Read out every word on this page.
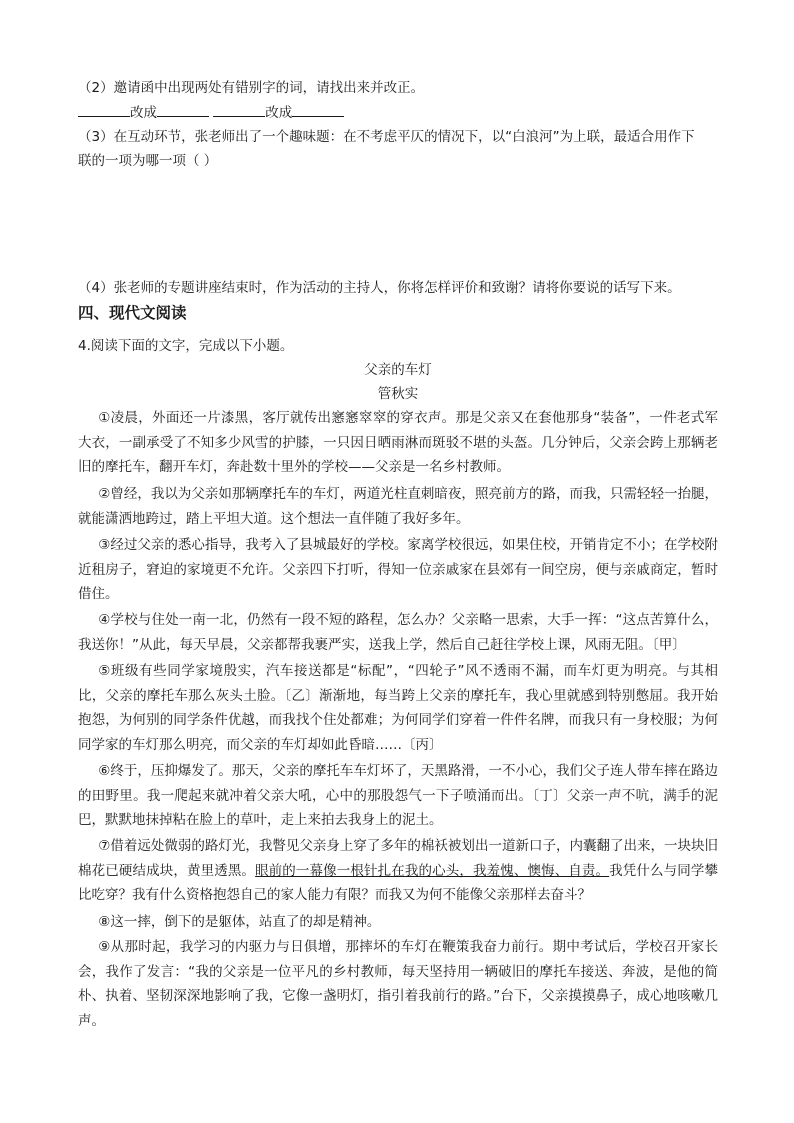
（2）邀请函中出现两处有错别字的词，请找出来并改正。
改成	改成
（3）在互动环节，张老师出了一个趣味题：在不考虑平仄的情况下，以“白浪河”为上联，最适合用作下
联的一项为哪一项（ ）
（4）张老师的专题讲座结束时，作为活动的主持人，你将怎样评价和致谢？请将你要说的话写下来。
四、现代文阅读
4.阅读下面的文字，完成以下小题。
父亲的车灯
管秋实
①凌晨，外面还一片漆黑，客厅就传出窸窸窣窣的穿衣声。那是父亲又在套他那身“装备”，一件老式军大衣，一副承受了不知多少风雪的护膝，一只因日晒雨淋而斑驳不堪的头盔。几分钟后，父亲会跨上那辆老旧的摩托车，翻开车灯，奔赴数十里外的学校——父亲是一名乡村教师。
②曾经，我以为父亲如那辆摩托车的车灯，两道光柱直刺暗夜，照亮前方的路，而我，只需轻轻一抬腿，就能潇洒地跨过，踏上平坦大道。这个想法一直伴随了我好多年。
③经过父亲的悉心指导，我考入了县城最好的学校。家离学校很远，如果住校，开销肯定不小；在学校附近租房子，窘迫的家境更不允许。父亲四下打听，得知一位亲戚家在县郊有一间空房，便与亲戚商定，暂时借住。
④学校与住处一南一北，仍然有一段不短的路程，怎么办？父亲略一思索，大手一挥：“这点苦算什么，我送你！”从此，每天早晨，父亲都帮我裹严实，送我上学，然后自己赶往学校上课，风雨无阻。〔甲〕
⑤班级有些同学家境殷实，汽车接送都是“标配”，“四轮子”风不透雨不漏，而车灯更为明亮。与其相比，父亲的摩托车那么灰头土脸。〔乙〕渐渐地，每当跨上父亲的摩托车，我心里就感到特别憋屈。我开始抱怨，为何别的同学条件优越，而我找个住处都难；为何同学们穿着一件件名牌，而我只有一身校服；为何同学家的车灯那么明亮，而父亲的车灯却如此昏暗……〔丙〕
⑥终于，压抑爆发了。那天，父亲的摩托车车灯坏了，天黑路滑，一不小心，我们父子连人带车摔在路边的田野里。我一爬起来就冲着父亲大吼，心中的那股怨气一下子喷涌而出。〔丁〕父亲一声不吭，满手的泥巴，默默地抹掉粘在脸上的草叶，走上来拍去我身上的泥土。
⑦借着远处微弱的路灯光，我瞥见父亲身上穿了多年的棉袄被划出一道新口子，内囊翻了出来，一块块旧棉花已硬结成块，黄里透黑。眼前的一幕像一根针扎在我的心头，我羞愧、懊悔、自责。我凭什么与同学攀比吃穿？我有什么资格抱怨自己的家人能力有限？而我又为何不能像父亲那样去奋斗？
⑧这一摔，倒下的是躯体，站直了的却是精神。
⑨从那时起，我学习的内驱力与日俱增，那摔坏的车灯在鞭策我奋力前行。期中考试后，学校召开家长会，我作了发言：“我的父亲是一位平凡的乡村教师，每天坚持用一辆破旧的摩托车接送、奔波，是他的简朴、执着、坚韧深深地影响了我，它像一盏明灯，指引着我前行的路。”台下，父亲摸摸鼻子，成心地咳嗽几声。
